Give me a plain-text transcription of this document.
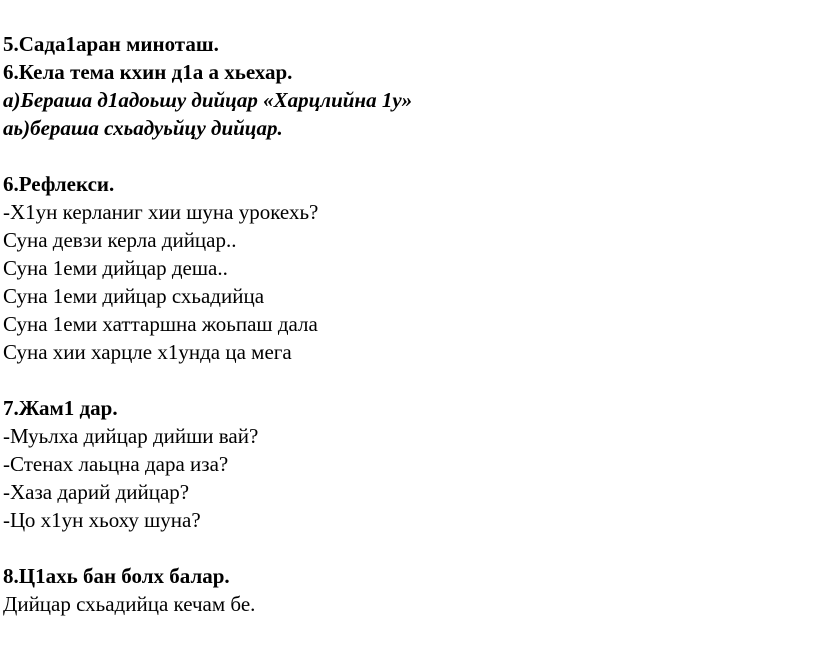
5.Сада1аран миноташ.
6.Кела тема кхин д1а а хьехар.
а)Бераша д1адоьшу дийцар «Харцлийна 1у»
аь)бераша схьадуьйцу дийцар.
6.Рефлекси.
-Х1ун керланиг хии шуна урокехь?
Суна девзи керла дийцар..
Суна 1еми дийцар деша..
Суна 1еми дийцар схьадийца
Суна 1еми хаттаршна жоьпаш дала
Суна хии харцле х1унда ца мега
7.Жам1 дар.
-Муьлха дийцар дийши вай?
-Стенах лаьцна дара иза?
-Хаза дарий дийцар?
-Цо х1ун хьоху шуна?
8.Ц1ахь бан болх балар.
Дийцар схьадийца кечам бе.
